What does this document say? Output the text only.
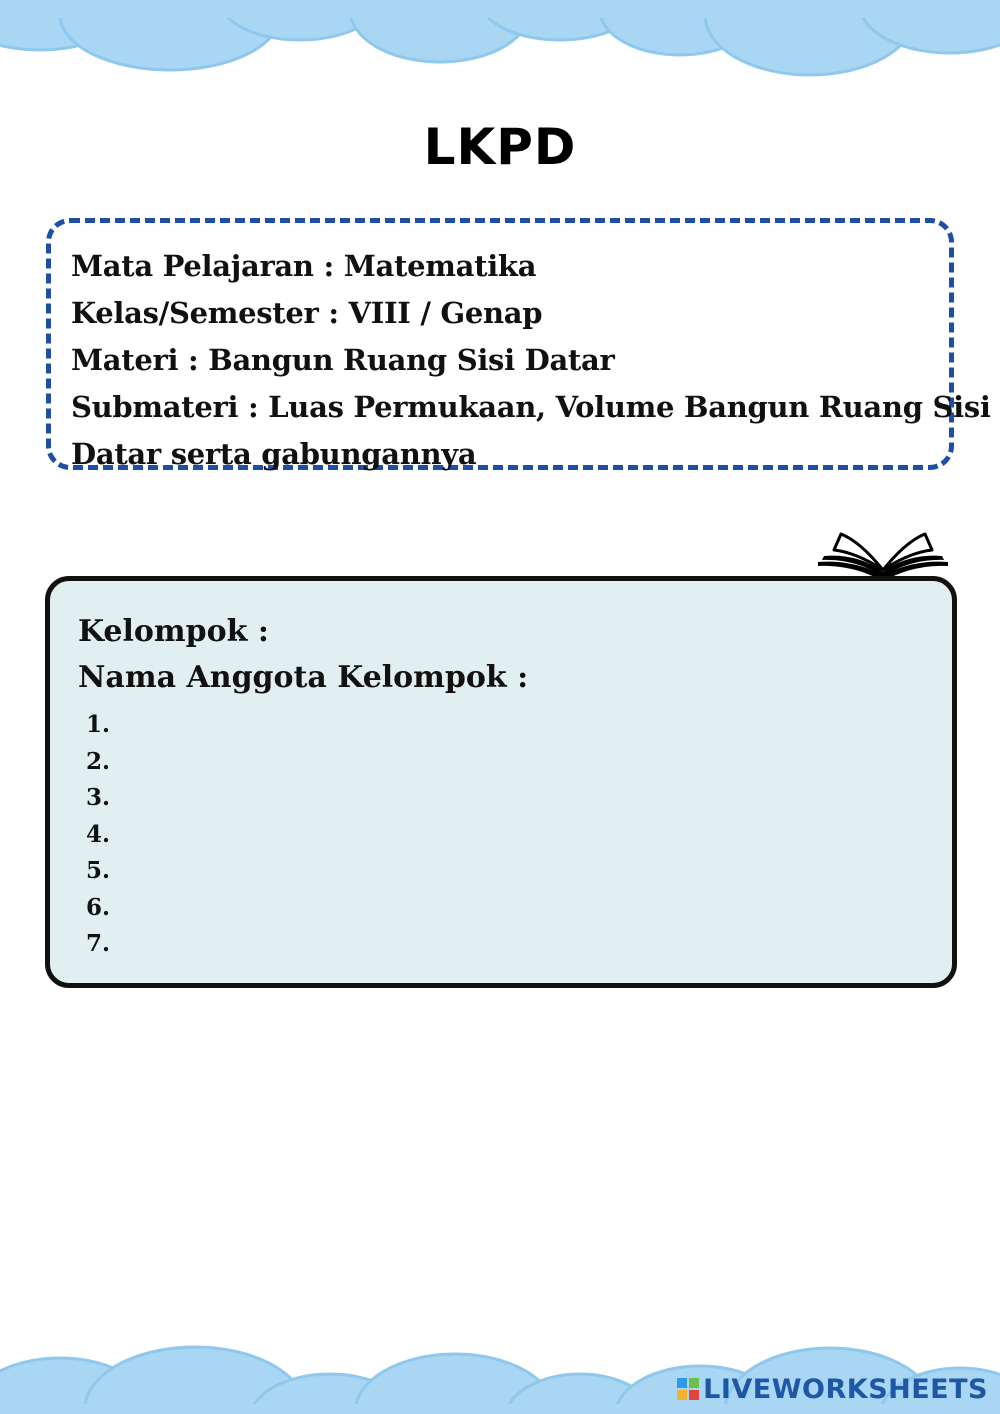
LKPD
Mata Pelajaran : Matematika
Kelas/Semester : VIII / Genap
Materi : Bangun Ruang Sisi Datar
Submateri : Luas Permukaan, Volume Bangun Ruang Sisi
Datar serta gabungannya
Kelompok :
Nama Anggota Kelompok :
1.
2.
3.
4.
5.
6.
7.
LIVEWORKSHEETS
